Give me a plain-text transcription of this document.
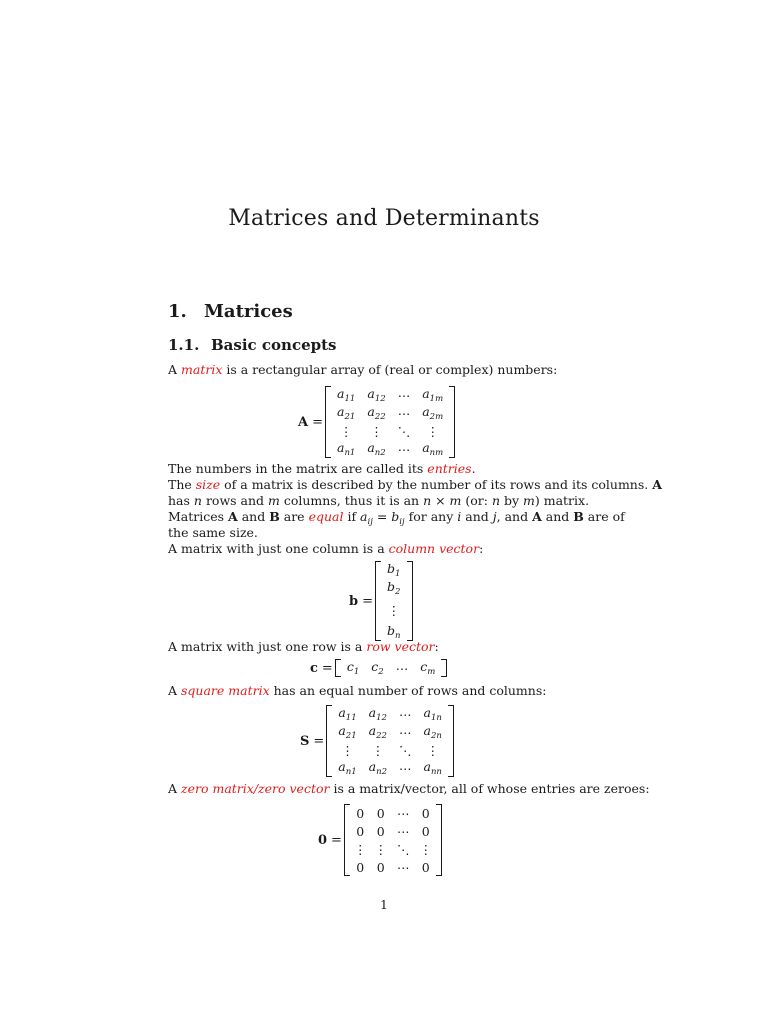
Matrices and Determinants
1. Matrices
1.1. Basic concepts
A matrix is a rectangular array of (real or complex) numbers:
A =
$a_{11}$	$a_{12}$	⋯	$a_{1m}$
$a_{21}$	$a_{22}$	⋯	$a_{2m}$
⋮	⋮	⋱	⋮
$a_{n1}$	$a_{n2}$	⋯	$a_{nm}$
The numbers in the matrix are called its entries.
The size of a matrix is described by the number of its rows and its columns. A
has n rows and m columns, thus it is an n × m (or: n by m) matrix.
Matrices A and B are equal if $a_{ij} = b_{ij}$ for any i and j, and A and B are of
the same size.
A matrix with just one column is a column vector:
b =
$b_1$
$b_2$
⋮
$b_n$
A matrix with just one row is a row vector:
$c = c_1$	$c_2$	⋯	$c_m$
A square matrix has an equal number of rows and columns:
S =
$a_{11}$	$a_{12}$	⋯	$a_{1n}$
$a_{21}$	$a_{22}$	⋯	$a_{2n}$
⋮	⋮	⋱	⋮
$a_{n1}$	$a_{n2}$	⋯	$a_{nn}$
A zero matrix/zero vector is a matrix/vector, all of whose entries are zeroes:
0 =
0	0	⋯	0
0	0	⋯	0
⋮	⋮	⋱	⋮
0	0	⋯	0
1
